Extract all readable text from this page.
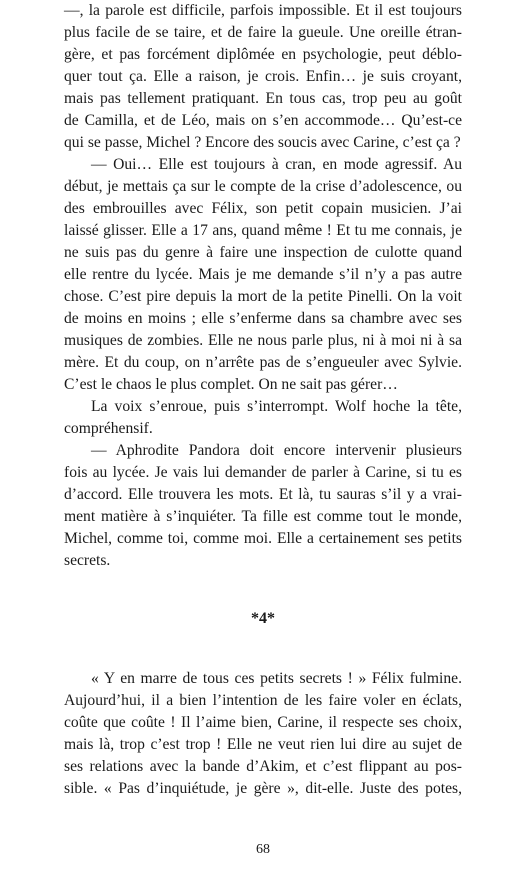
—, la parole est difficile, parfois impossible. Et il est toujours
plus facile de se taire, et de faire la gueule. Une oreille étran-
gère, et pas forcément diplômée en psychologie, peut déblo-
quer tout ça. Elle a raison, je crois. Enfin… je suis croyant,
mais pas tellement pratiquant. En tous cas, trop peu au goût
de Camilla, et de Léo, mais on s’en accommode… Qu’est-ce
qui se passe, Michel ? Encore des soucis avec Carine, c’est ça ?
— Oui… Elle est toujours à cran, en mode agressif. Au
début, je mettais ça sur le compte de la crise d’adolescence, ou
des embrouilles avec Félix, son petit copain musicien. J’ai
laissé glisser. Elle a 17 ans, quand même ! Et tu me connais, je
ne suis pas du genre à faire une inspection de culotte quand
elle rentre du lycée. Mais je me demande s’il n’y a pas autre
chose. C’est pire depuis la mort de la petite Pinelli. On la voit
de moins en moins ; elle s’enferme dans sa chambre avec ses
musiques de zombies. Elle ne nous parle plus, ni à moi ni à sa
mère. Et du coup, on n’arrête pas de s’engueuler avec Sylvie.
C’est le chaos le plus complet. On ne sait pas gérer…
La voix s’enroue, puis s’interrompt. Wolf hoche la tête,
compréhensif.
— Aphrodite Pandora doit encore intervenir plusieurs
fois au lycée. Je vais lui demander de parler à Carine, si tu es
d’accord. Elle trouvera les mots. Et là, tu sauras s’il y a vrai-
ment matière à s’inquiéter. Ta fille est comme tout le monde,
Michel, comme toi, comme moi. Elle a certainement ses petits
secrets.
*4*
« Y en marre de tous ces petits secrets ! » Félix fulmine.
Aujourd’hui, il a bien l’intention de les faire voler en éclats,
coûte que coûte ! Il l’aime bien, Carine, il respecte ses choix,
mais là, trop c’est trop ! Elle ne veut rien lui dire au sujet de
ses relations avec la bande d’Akim, et c’est flippant au pos-
sible. « Pas d’inquiétude, je gère », dit-elle. Juste des potes,
68
